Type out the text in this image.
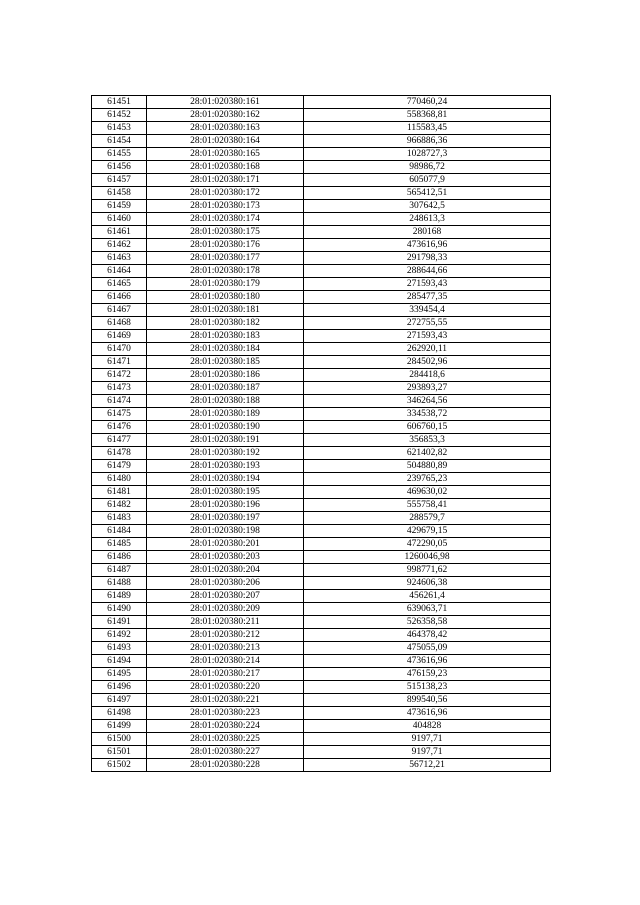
61451	28:01:020380:161	770460,24
61452	28:01:020380:162	558368,81
61453	28:01:020380:163	115583,45
61454	28:01:020380:164	966886,36
61455	28:01:020380:165	1028727,3
61456	28:01:020380:168	98986,72
61457	28:01:020380:171	605077,9
61458	28:01:020380:172	565412,51
61459	28:01:020380:173	307642,5
61460	28:01:020380:174	248613,3
61461	28:01:020380:175	280168
61462	28:01:020380:176	473616,96
61463	28:01:020380:177	291798,33
61464	28:01:020380:178	288644,66
61465	28:01:020380:179	271593,43
61466	28:01:020380:180	285477,35
61467	28:01:020380:181	339454,4
61468	28:01:020380:182	272755,55
61469	28:01:020380:183	271593,43
61470	28:01:020380:184	262920,11
61471	28:01:020380:185	284502,96
61472	28:01:020380:186	284418,6
61473	28:01:020380:187	293893,27
61474	28:01:020380:188	346264,56
61475	28:01:020380:189	334538,72
61476	28:01:020380:190	606760,15
61477	28:01:020380:191	356853,3
61478	28:01:020380:192	621402,82
61479	28:01:020380:193	504880,89
61480	28:01:020380:194	239765,23
61481	28:01:020380:195	469630,02
61482	28:01:020380:196	555758,41
61483	28:01:020380:197	288579,7
61484	28:01:020380:198	429679,15
61485	28:01:020380:201	472290,05
61486	28:01:020380:203	1260046,98
61487	28:01:020380:204	998771,62
61488	28:01:020380:206	924606,38
61489	28:01:020380:207	456261,4
61490	28:01:020380:209	639063,71
61491	28:01:020380:211	526358,58
61492	28:01:020380:212	464378,42
61493	28:01:020380:213	475055,09
61494	28:01:020380:214	473616,96
61495	28:01:020380:217	476159,23
61496	28:01:020380:220	515138,23
61497	28:01:020380:221	899540,56
61498	28:01:020380:223	473616,96
61499	28:01:020380:224	404828
61500	28:01:020380:225	9197,71
61501	28:01:020380:227	9197,71
61502	28:01:020380:228	56712,21
